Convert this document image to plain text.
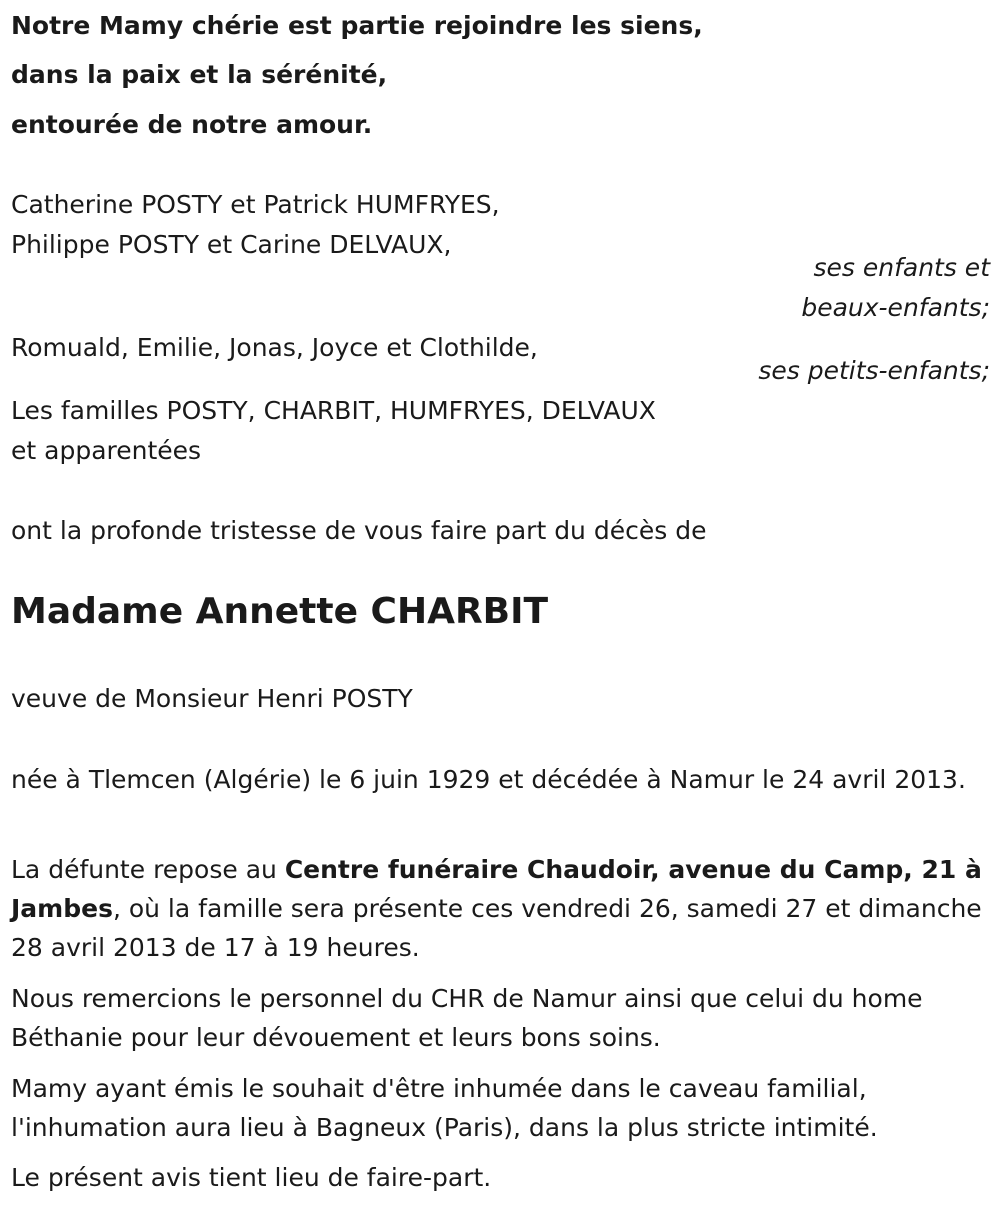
Notre Mamy chérie est partie rejoindre les siens,
dans la paix et la sérénité,
entourée de notre amour.
Catherine POSTY et Patrick HUMFRYES,
Philippe POSTY et Carine DELVAUX,
ses enfants et
beaux-enfants;
Romuald, Emilie, Jonas, Joyce et Clothilde,
ses petits-enfants;
Les familles POSTY, CHARBIT, HUMFRYES, DELVAUX
et apparentées
ont la profonde tristesse de vous faire part du décès de
Madame Annette CHARBIT
veuve de Monsieur Henri POSTY
née à Tlemcen (Algérie) le 6 juin 1929 et décédée à Namur le 24 avril 2013.
La défunte repose au Centre funéraire Chaudoir, avenue du Camp, 21 à Jambes, où la famille sera présente ces vendredi 26, samedi 27 et dimanche 28 avril 2013 de 17 à 19 heures.
Nous remercions le personnel du CHR de Namur ainsi que celui du home Béthanie pour leur dévouement et leurs bons soins.
Mamy ayant émis le souhait d'être inhumée dans le caveau familial, l'inhumation aura lieu à Bagneux (Paris), dans la plus stricte intimité.
Le présent avis tient lieu de faire-part.
